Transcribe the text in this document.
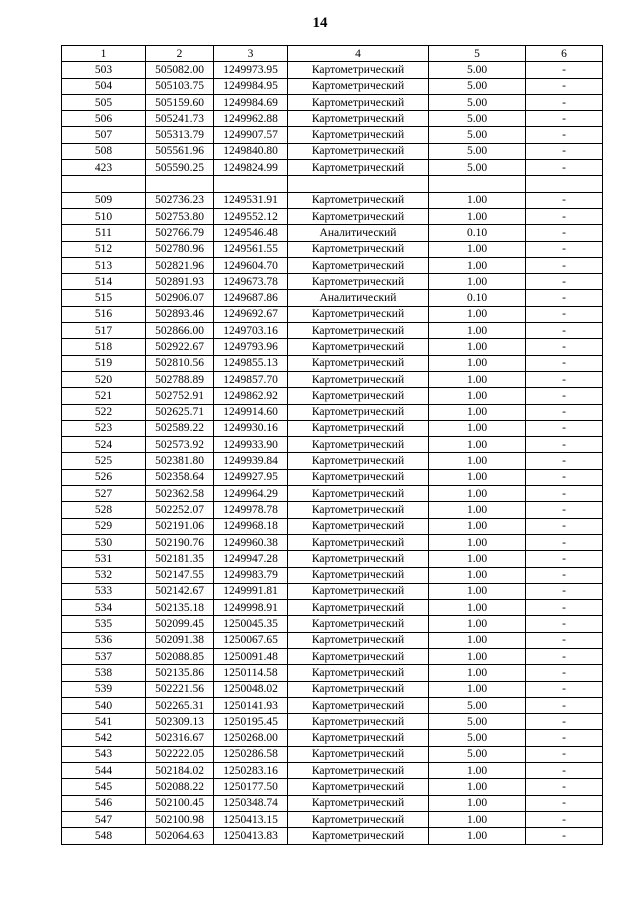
14
1	2	3	4	5	6
503	505082.00	1249973.95	Картометрический	5.00	-
504	505103.75	1249984.95	Картометрический	5.00	-
505	505159.60	1249984.69	Картометрический	5.00	-
506	505241.73	1249962.88	Картометрический	5.00	-
507	505313.79	1249907.57	Картометрический	5.00	-
508	505561.96	1249840.80	Картометрический	5.00	-
423	505590.25	1249824.99	Картометрический	5.00	-

509	502736.23	1249531.91	Картометрический	1.00	-
510	502753.80	1249552.12	Картометрический	1.00	-
511	502766.79	1249546.48	Аналитический	0.10	-
512	502780.96	1249561.55	Картометрический	1.00	-
513	502821.96	1249604.70	Картометрический	1.00	-
514	502891.93	1249673.78	Картометрический	1.00	-
515	502906.07	1249687.86	Аналитический	0.10	-
516	502893.46	1249692.67	Картометрический	1.00	-
517	502866.00	1249703.16	Картометрический	1.00	-
518	502922.67	1249793.96	Картометрический	1.00	-
519	502810.56	1249855.13	Картометрический	1.00	-
520	502788.89	1249857.70	Картометрический	1.00	-
521	502752.91	1249862.92	Картометрический	1.00	-
522	502625.71	1249914.60	Картометрический	1.00	-
523	502589.22	1249930.16	Картометрический	1.00	-
524	502573.92	1249933.90	Картометрический	1.00	-
525	502381.80	1249939.84	Картометрический	1.00	-
526	502358.64	1249927.95	Картометрический	1.00	-
527	502362.58	1249964.29	Картометрический	1.00	-
528	502252.07	1249978.78	Картометрический	1.00	-
529	502191.06	1249968.18	Картометрический	1.00	-
530	502190.76	1249960.38	Картометрический	1.00	-
531	502181.35	1249947.28	Картометрический	1.00	-
532	502147.55	1249983.79	Картометрический	1.00	-
533	502142.67	1249991.81	Картометрический	1.00	-
534	502135.18	1249998.91	Картометрический	1.00	-
535	502099.45	1250045.35	Картометрический	1.00	-
536	502091.38	1250067.65	Картометрический	1.00	-
537	502088.85	1250091.48	Картометрический	1.00	-
538	502135.86	1250114.58	Картометрический	1.00	-
539	502221.56	1250048.02	Картометрический	1.00	-
540	502265.31	1250141.93	Картометрический	5.00	-
541	502309.13	1250195.45	Картометрический	5.00	-
542	502316.67	1250268.00	Картометрический	5.00	-
543	502222.05	1250286.58	Картометрический	5.00	-
544	502184.02	1250283.16	Картометрический	1.00	-
545	502088.22	1250177.50	Картометрический	1.00	-
546	502100.45	1250348.74	Картометрический	1.00	-
547	502100.98	1250413.15	Картометрический	1.00	-
548	502064.63	1250413.83	Картометрический	1.00	-
